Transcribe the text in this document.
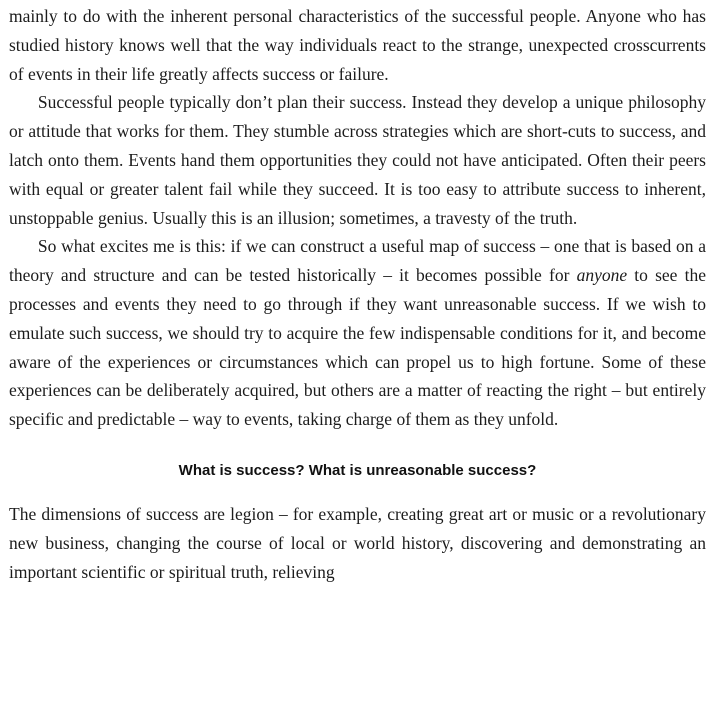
mainly to do with the inherent personal characteristics of the successful people. Anyone who has studied history knows well that the way individuals react to the strange, unexpected crosscurrents of events in their life greatly affects success or failure.

Successful people typically don’t plan their success. Instead they develop a unique philosophy or attitude that works for them. They stumble across strategies which are short-cuts to success, and latch onto them. Events hand them opportunities they could not have anticipated. Often their peers with equal or greater talent fail while they succeed. It is too easy to attribute success to inherent, unstoppable genius. Usually this is an illusion; sometimes, a travesty of the truth.

So what excites me is this: if we can construct a useful map of success – one that is based on a theory and structure and can be tested historically – it becomes possible for anyone to see the processes and events they need to go through if they want unreasonable success. If we wish to emulate such success, we should try to acquire the few indispensable conditions for it, and become aware of the experiences or circumstances which can propel us to high fortune. Some of these experiences can be deliberately acquired, but others are a matter of reacting the right – but entirely specific and predictable – way to events, taking charge of them as they unfold.

What is success? What is unreasonable success?

The dimensions of success are legion – for example, creating great art or music or a revolutionary new business, changing the course of local or world history, discovering and demonstrating an important scientific or spiritual truth, relieving
